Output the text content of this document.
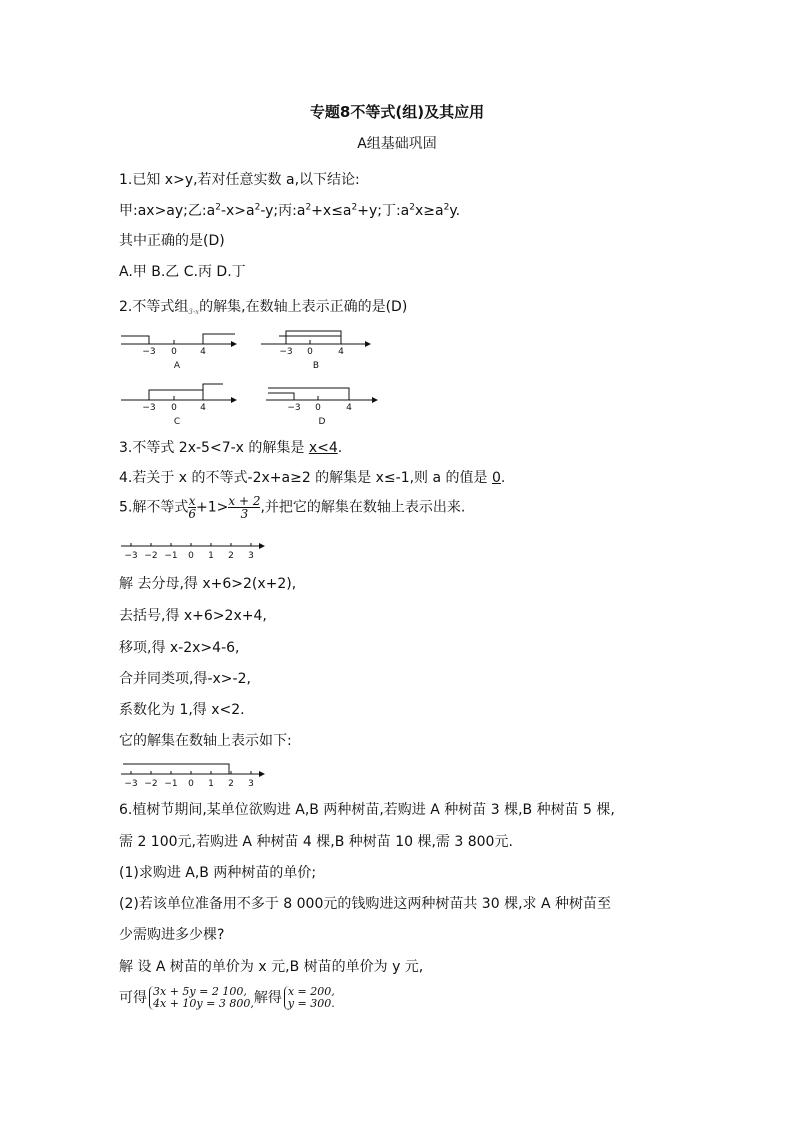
专题8不等式(组)及其应用
A组基础巩固
1.已知 x>y,若对任意实数 a,以下结论:
甲:ax>ay;乙$:a^2-x>a^2-y$;丙$:a^2+x\le a^2+y$;丁$:a^2x\ge a^2y$.
其中正确的是(D)
A.甲 B.乙 C.丙 D.丁
2.不等式组$_{3-x}$的解集,在数轴上表示正确的是(D)
−3 0	4
A
−3 0	4
B
−3 0	4
C
−3 0	4
D
3.不等式 2x-5<7-x 的解集是 x<4.
4.若关于 x 的不等式-2x+a≥2 的解集是 x≤-1,则 a 的值是 0.
5.解不等式 $\frac{x}{6} +1> \frac{x + 2}{3}$ ,并把它的解集在数轴上表示出来.
−3 −2 −1 0 1 2 3
解 去分母,得 x+6>2(x+2),
去括号,得 x+6>2x+4,
移项,得 x-2x>4-6,
合并同类项,得-x>-2,
系数化为 1,得 x<2.
它的解集在数轴上表示如下:
−3 −2 −1 0 1 2 3
6.植树节期间,某单位欲购进 A,B 两种树苗,若购进 A 种树苗 3 棵,B 种树苗 5 棵,
需 2 100元,若购进 A 种树苗 4 棵,B 种树苗 10 棵,需 3 800元.
(1)求购进 A,B 两种树苗的单价;
(2)若该单位准备用不多于 8 000元的钱购进这两种树苗共 30 棵,求 A 种树苗至
少需购进多少棵?
解 设 A 树苗的单价为 x 元,B 树苗的单价为 y 元,
可得 3x + 5y = 2 100,
4x + 10y = 3 800, 解得 x = 200,
y = 300.
